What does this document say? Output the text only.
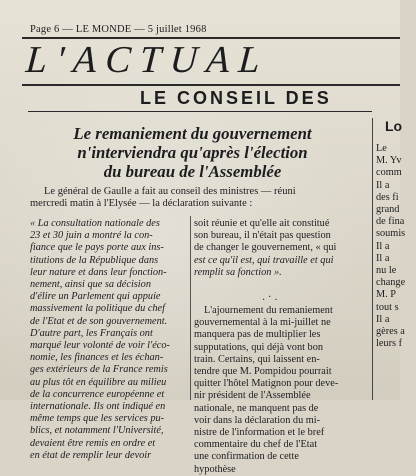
Page 6 — LE MONDE — 5 juillet 1968
L'ACTUAL
LE CONSEIL DES
Le remaniement du gouvernement
n'interviendra qu'après l'élection
du bureau de l'Assemblée
Le général de Gaulle a fait au conseil des ministres — réuni
mercredi matin à l'Elysée — la déclaration suivante :
« La consultation nationale des
23 et 30 juin a montré la con-
fiance que le pays porte aux ins-
titutions de la République dans
leur nature et dans leur fonction-
nement, ainsi que sa décision
d'élire un Parlement qui appuie
massivement la politique du chef
de l'Etat et de son gouvernement.
D'autre part, les Français ont
marqué leur volonté de voir l'éco-
nomie, les finances et les échan-
ges extérieurs de la France remis
au plus tôt en équilibre au milieu
de la concurrence européenne et
internationale. Ils ont indiqué en
même temps que les services pu-
blics, et notamment l'Université,
devaient être remis en ordre et
en état de remplir leur devoir
soit réunie et qu'elle ait constitué
son bureau, il n'était pas question
de changer le gouvernement, « qui
est ce qu'il est, qui travaille et qui
remplit sa fonction ».
L'ajournement du remaniement
gouvernemental à la mi-juillet ne
manquera pas de multiplier les
supputations, qui déjà vont bon
train. Certains, qui laissent en-
tendre que M. Pompidou pourrait
quitter l'hôtel Matignon pour deve-
nir président de l'Assemblée
nationale, ne manquent pas de
voir dans la déclaration du mi-
nistre de l'information et le bref
commentaire du chef de l'Etat
une confirmation de cette
hypothèse
.·.
Lo
Le
M. Yv
comm
Il a
des fi
grand
de fina
soumis
Il a
Il a
nu le
change
M. P
tout s
Il a
gères a
leurs f
